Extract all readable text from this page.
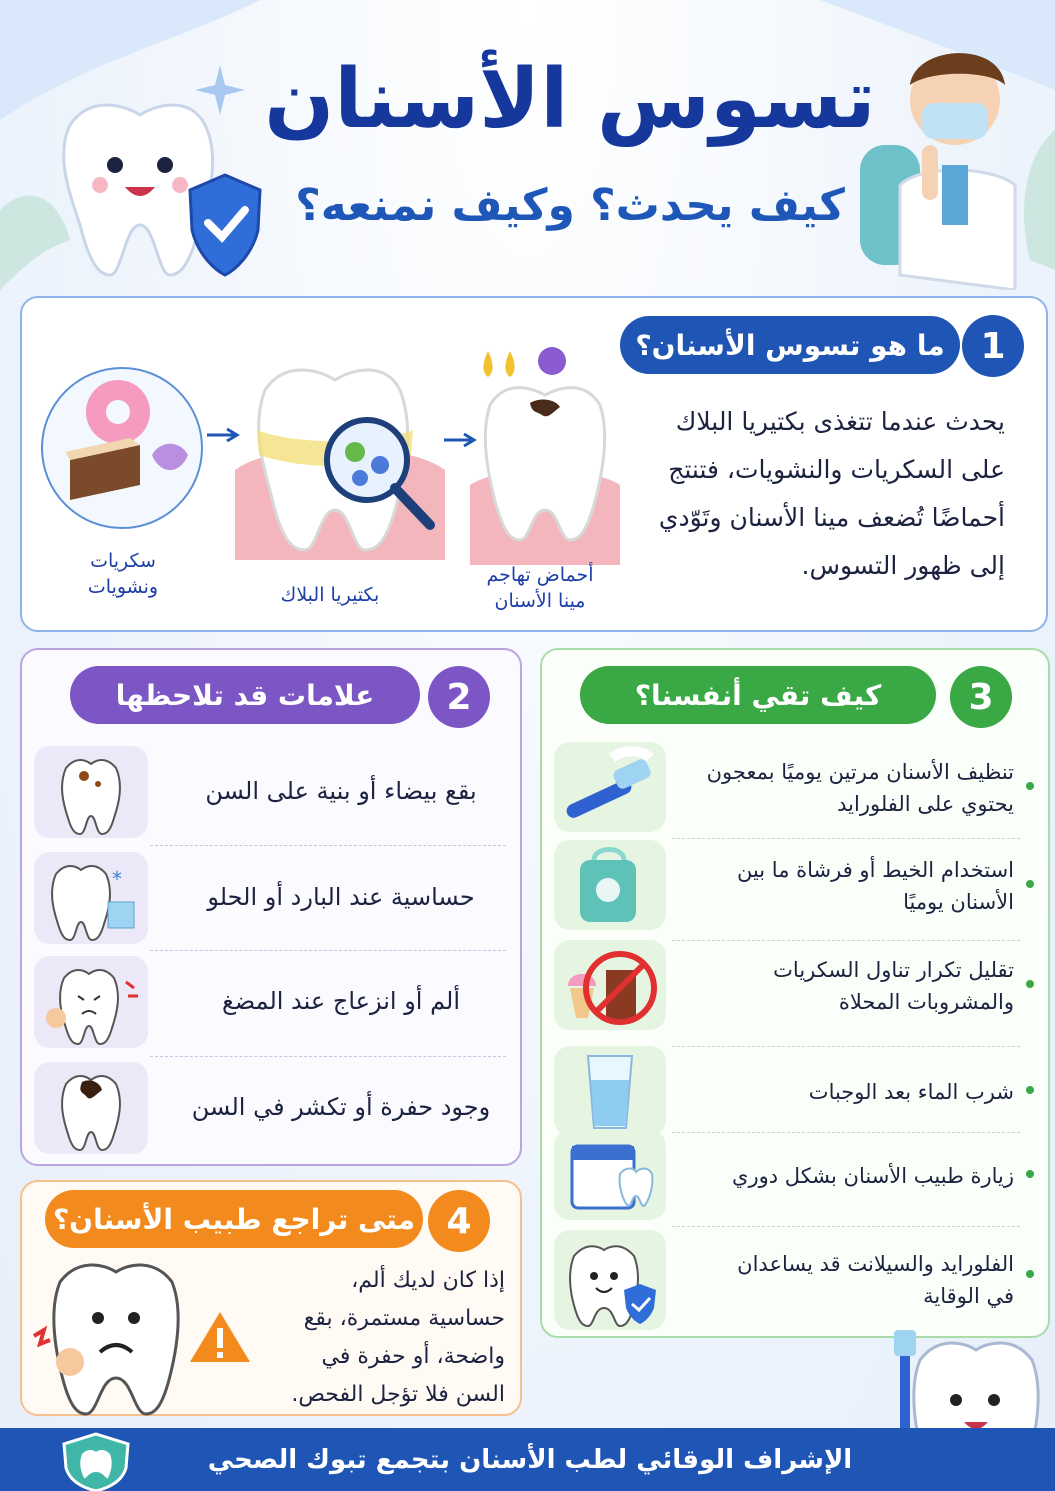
تسوس الأسنان
كيف يحدث؟ وكيف نمنعه؟
1
ما هو تسوس الأسنان؟
يحدث عندما تتغذى بكتيريا البلاك
على السكريات والنشويات، فتنتج
أحماضًا تُضعف مينا الأسنان وتَوّدي
إلى ظهور التسوس.
سكريات
ونشويات	بكتيريا البلاك
أحماض تهاجم
مينا الأسنان
2
علامات قد تلاحظها
بقع بيضاء أو بنية على السن
حساسية عند البارد أو الحلو
*
ألم أو انزعاج عند المضغ
وجود حفرة أو تكشر في السن
3
كيف تقي أنفسنا؟
تنظيف الأسنان مرتين يوميًا بمعجون
يحتوي على الفلورايد
استخدام الخيط أو فرشاة ما بين
الأسنان يوميًا
تقليل تكرار تناول السكريات
والمشروبات المحلاة
شرب الماء بعد الوجبات
زيارة طبيب الأسنان بشكل دوري
الفلورايد والسيلانت قد يساعدان
في الوقاية
4
متى تراجع طبيب الأسنان؟
إذا كان لديك ألم،
حساسية مستمرة، بقع
واضحة، أو حفرة في
السن فلا تؤجل الفحص.
الإشراف الوقائي لطب الأسنان بتجمع تبوك الصحي
